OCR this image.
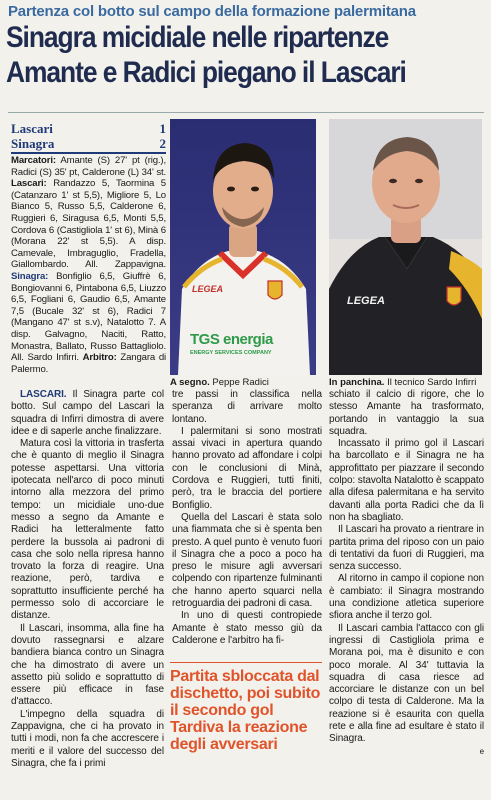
Partenza col botto sul campo della formazione palermitana
Sinagra micidiale nelle ripartenze
Amante e Radici piegano il Lascari
Lascari	1
Sinagra	2
Marcatori: Amante (S) 27' pt (rig.), Radici (S) 35' pt, Calderone (L) 34' st. Lascari: Randazzo 5, Taormina 5 (Catanzaro 1' st 5,5), Migliore 5, Lo Bianco 5, Russo 5,5, Calderone 6, Ruggieri 6, Siragusa 6,5, Monti 5,5, Cordova 6 (Castigliola 1' st 6), Minà 6 (Morana 22' st 5,5). A disp. Camevale, Imbraguglio, Fradella, Giallombardo. All. Zappavigna. Sinagra: Bonfiglio 6,5, Giuffrè 6, Bongiovanni 6, Pintabona 6,5, Liuzzo 6,5, Fogliani 6, Gaudio 6,5, Amante 7,5 (Bucale 32' st 6), Radici 7 (Mangano 47' st s.v), Natalotto 7. A disp. Galvagno, Naciti, Ratto, Monastra, Ballato, Russo Battagliolo. All. Sardo Infirri. Arbitro: Zangara di Palermo.
LEGEA
TGS energia
ENERGY SERVICES COMPANY
LEGEA
A segno. Peppe Radici	In panchina. Il tecnico Sardo Infirri

LASCARI. Il Sinagra parte col botto. Sul campo del Lascari la squadra di Infirri dimostra di avere idee e di saperle anche finalizzare.

Matura così la vittoria in trasferta che è quanto di meglio il Sinagra potesse aspettarsi. Una vittoria ipotecata nell'arco di poco minuti intorno alla mezzora del primo tempo: un micidiale uno-due messo a segno da Amante e Radici ha letteralmente fatto perdere la bussola ai padroni di casa che solo nella ripresa hanno trovato la forza di reagire. Una reazione, però, tardiva e soprattutto insufficiente perché ha permesso solo di accorciare le distanze.

Il Lascari, insomma, alla fine ha dovuto rassegnarsi e alzare bandiera bianca contro un Sinagra che ha dimostrato di avere un assetto più solido e soprattutto di essere più efficace in fase d'attacco.

L'impegno della squadra di Zappavigna, che ci ha provato in tutti i modi, non fa che accrescere i meriti e il valore del successo del Sinagra, che fa i primi

tre passi in classifica nella speranza di arrivare molto lontano.

I palermitani si sono mostrati assai vivaci in apertura quando hanno provato ad affondare i colpi con le conclusioni di Minà, Cordova e Ruggieri, tutti finiti, però, tra le braccia del portiere Bonfiglio.

Quella del Lascari è stata solo una fiammata che si è spenta ben presto. A quel punto è venuto fuori il Sinagra che a poco a poco ha preso le misure agli avversari colpendo con ripartenze fulminanti che hanno aperto squarci nella retroguardia dei padroni di casa.

In uno di questi contropiede Amante è stato messo giù da Calderone e l'arbitro ha fi-

Partita sbloccata dal dischetto, poi subito il secondo gol Tardiva la reazione degli avversari

schiato il calcio di rigore, che lo stesso Amante ha trasformato, portando in vantaggio la sua squadra.

Incassato il primo gol il Lascari ha barcollato e il Sinagra ne ha approfittato per piazzare il secondo colpo: stavolta Natalotto è scappato alla difesa palermitana e ha servito davanti alla porta Radici che da lì non ha sbagliato.

Il Lascari ha provato a rientrare in partita prima del riposo con un paio di tentativi da fuori di Ruggieri, ma senza successo.

Al ritorno in campo il copione non è cambiato: il Sinagra mostrando una condizione atletica superiore sfiora anche il terzo gol.

Il Lascari cambia l'attacco con gli ingressi di Castigliola prima e Morana poi, ma è disunito e con poco morale. Al 34' tuttavia la squadra di casa riesce ad accorciare le distanze con un bel colpo di testa di Calderone. Ma la reazione si è esaurita con quella rete e alla fine ad esultare è stato il Sinagra.

e
